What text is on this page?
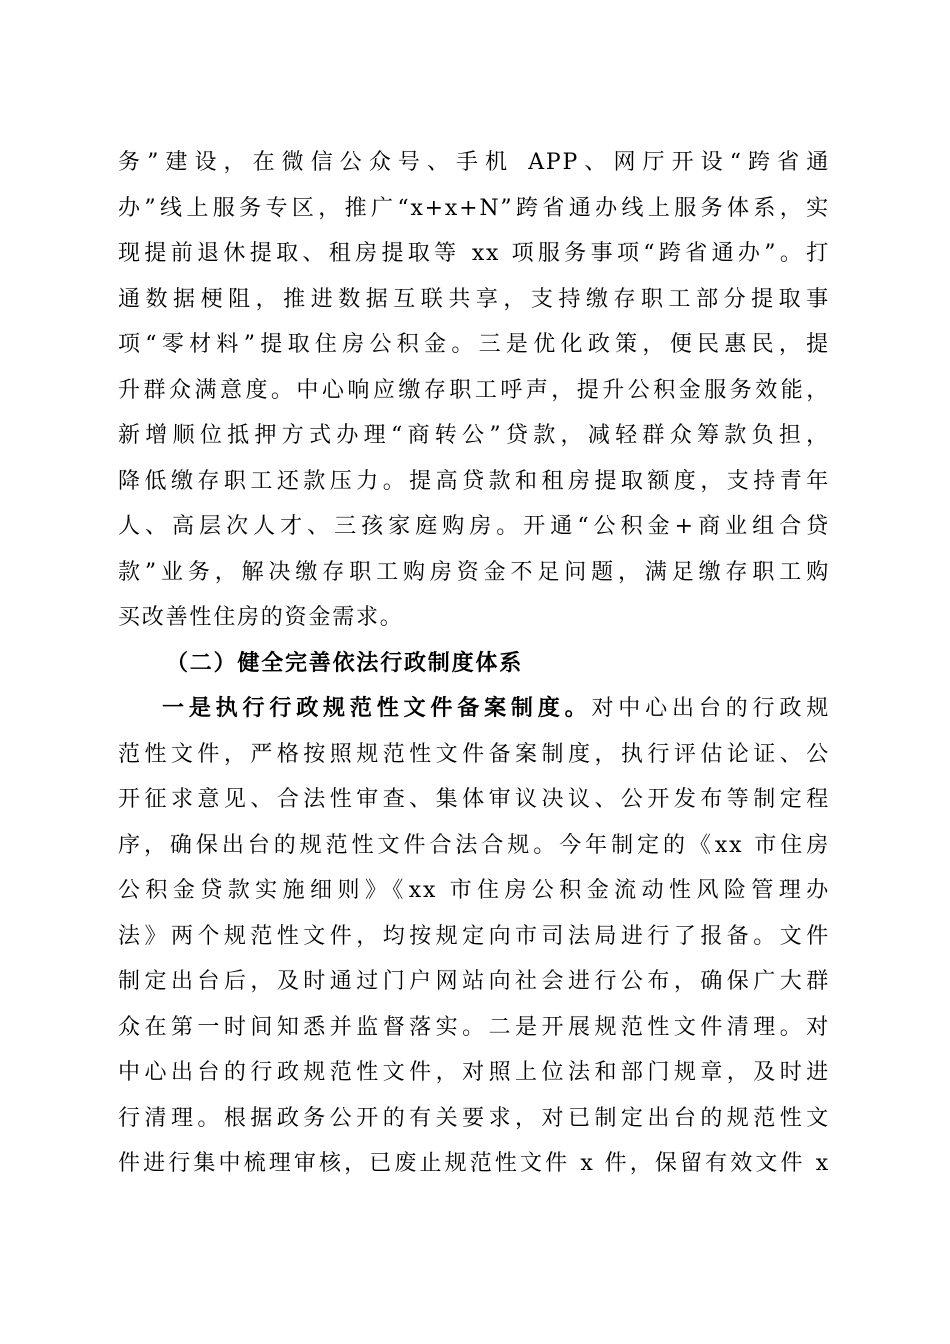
务”建设，在微信公众号、手机 APP、网厅开设“跨省通
办”线上服务专区，推广“x+x+N”跨省通办线上服务体系，实
现提前退休提取、租房提取等 xx 项服务事项“跨省通办”。打
通数据梗阻，推进数据互联共享，支持缴存职工部分提取事
项“零材料”提取住房公积金。三是优化政策，便民惠民，提
升群众满意度。中心响应缴存职工呼声，提升公积金服务效能，
新增顺位抵押方式办理“商转公”贷款，减轻群众筹款负担，
降低缴存职工还款压力。提高贷款和租房提取额度，支持青年
人、高层次人才、三孩家庭购房。开通“公积金+商业组合贷
款”业务，解决缴存职工购房资金不足问题，满足缴存职工购
买改善性住房的资金需求。
（二）健全完善依法行政制度体系
一是执行行政规范性文件备案制度。对中心出台的行政规
范性文件，严格按照规范性文件备案制度，执行评估论证、公
开征求意见、合法性审查、集体审议决议、公开发布等制定程
序，确保出台的规范性文件合法合规。今年制定的《xx 市住房
公积金贷款实施细则》《xx 市住房公积金流动性风险管理办
法》两个规范性文件，均按规定向市司法局进行了报备。文件
制定出台后，及时通过门户网站向社会进行公布，确保广大群
众在第一时间知悉并监督落实。二是开展规范性文件清理。对
中心出台的行政规范性文件，对照上位法和部门规章，及时进
行清理。根据政务公开的有关要求，对已制定出台的规范性文
件进行集中梳理审核，已废止规范性文件 x 件，保留有效文件 x
